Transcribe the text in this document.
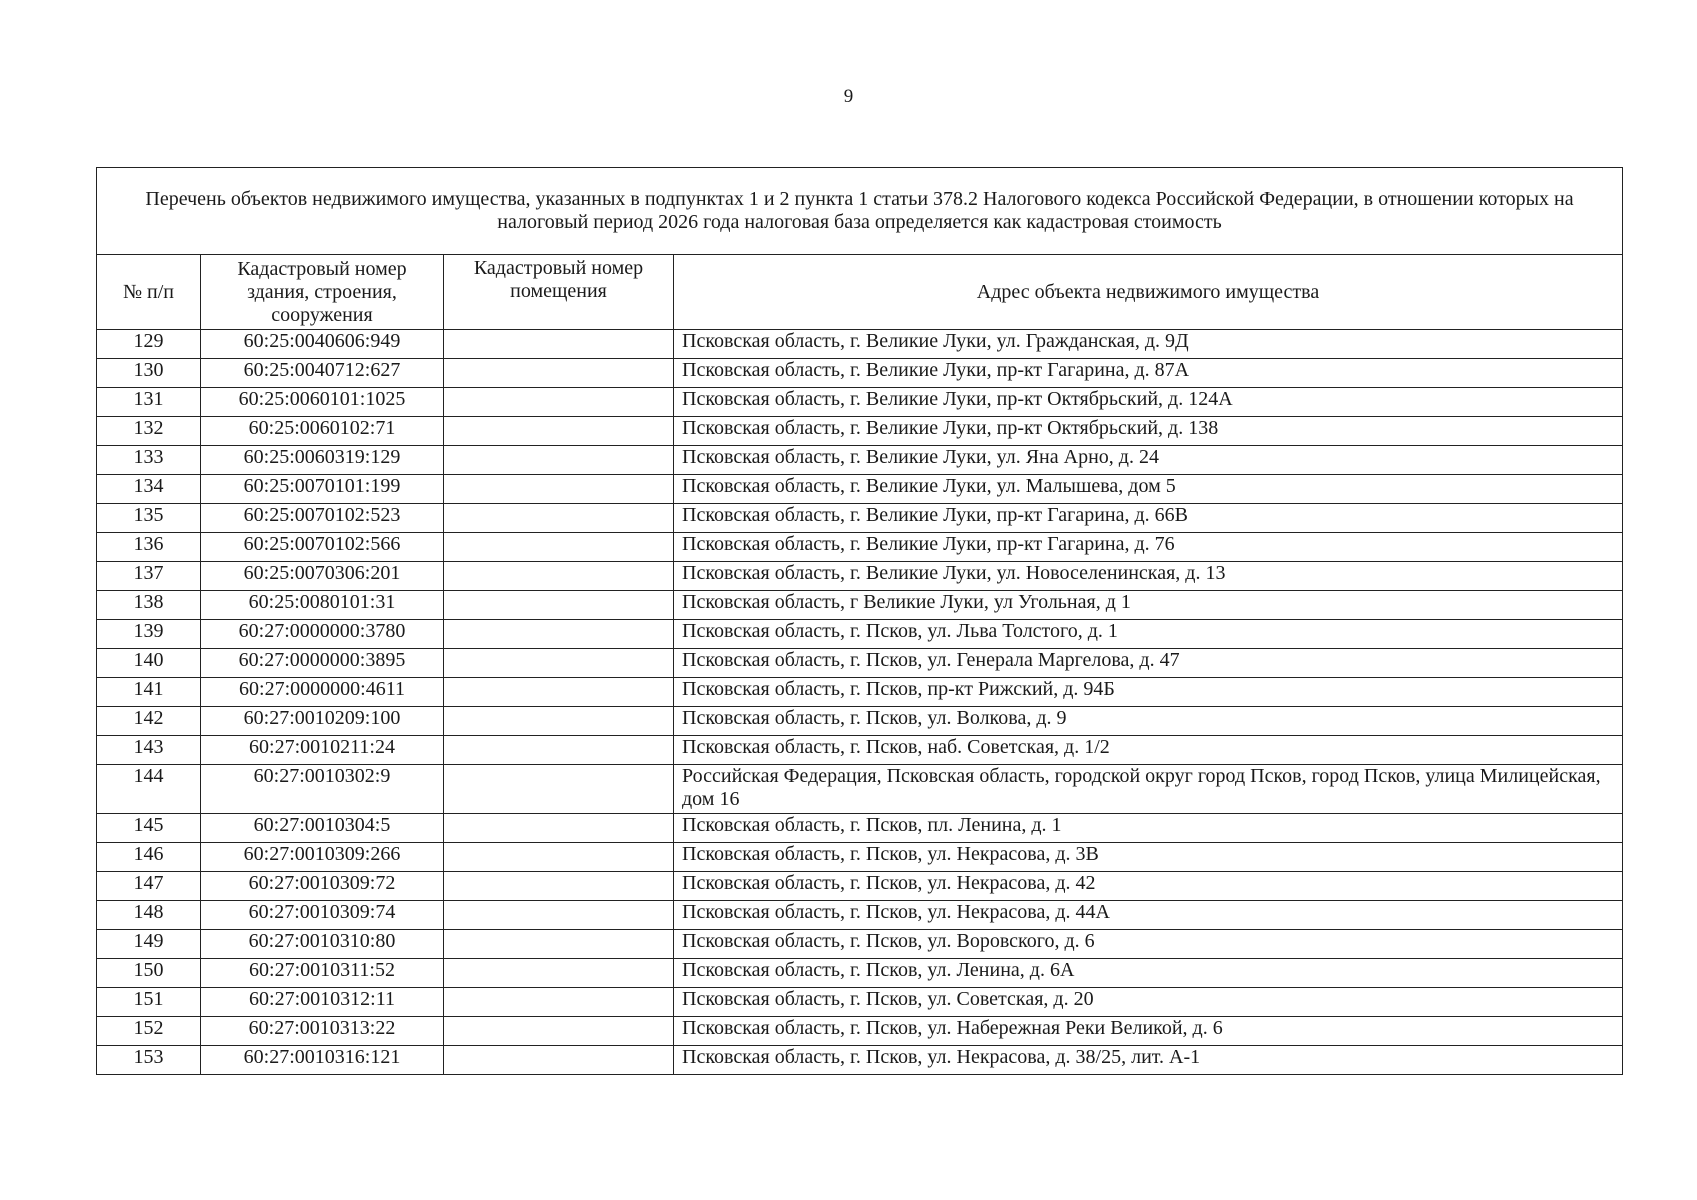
9
Перечень объектов недвижимого имущества, указанных в подпунктах 1 и 2 пункта 1 статьи 378.2 Налогового кодекса Российской Федерации, в отношении которых на налоговый период 2026 года налоговая база определяется как кадастровая стоимость			
№ п/п	Кадастровый номер здания, строения, сооружения	Кадастровый номер помещения	Адрес объекта недвижимого имущества
129	60:25:0040606:949		Псковская область, г. Великие Луки, ул. Гражданская, д. 9Д
130	60:25:0040712:627		Псковская область, г. Великие Луки, пр-кт Гагарина, д. 87А
131	60:25:0060101:1025		Псковская область, г. Великие Луки, пр-кт Октябрьский, д. 124А
132	60:25:0060102:71		Псковская область, г. Великие Луки, пр-кт Октябрьский, д. 138
133	60:25:0060319:129		Псковская область, г. Великие Луки, ул. Яна Арно, д. 24
134	60:25:0070101:199		Псковская область, г. Великие Луки, ул. Малышева, дом 5
135	60:25:0070102:523		Псковская область, г. Великие Луки, пр-кт Гагарина, д. 66В
136	60:25:0070102:566		Псковская область, г. Великие Луки, пр-кт Гагарина, д. 76
137	60:25:0070306:201		Псковская область, г. Великие Луки, ул. Новоселенинская, д. 13
138	60:25:0080101:31		Псковская область, г Великие Луки, ул Угольная, д 1
139	60:27:0000000:3780		Псковская область, г. Псков, ул. Льва Толстого, д. 1
140	60:27:0000000:3895		Псковская область, г. Псков, ул. Генерала Маргелова, д. 47
141	60:27:0000000:4611		Псковская область, г. Псков, пр-кт Рижский, д. 94Б
142	60:27:0010209:100		Псковская область, г. Псков, ул. Волкова, д. 9
143	60:27:0010211:24		Псковская область, г. Псков, наб. Советская, д. 1/2
144	60:27:0010302:9		Российская Федерация, Псковская область, городской округ город Псков, город Псков, улица Милицейская, дом 16
145	60:27:0010304:5		Псковская область, г. Псков, пл. Ленина, д. 1
146	60:27:0010309:266		Псковская область, г. Псков, ул. Некрасова, д. 3В
147	60:27:0010309:72		Псковская область, г. Псков, ул. Некрасова, д. 42
148	60:27:0010309:74		Псковская область, г. Псков, ул. Некрасова, д. 44А
149	60:27:0010310:80		Псковская область, г. Псков, ул. Воровского, д. 6
150	60:27:0010311:52		Псковская область, г. Псков, ул. Ленина, д. 6А
151	60:27:0010312:11		Псковская область, г. Псков, ул. Советская, д. 20
152	60:27:0010313:22		Псковская область, г. Псков, ул. Набережная Реки Великой, д. 6
153	60:27:0010316:121		Псковская область, г. Псков, ул. Некрасова, д. 38/25, лит. А-1
